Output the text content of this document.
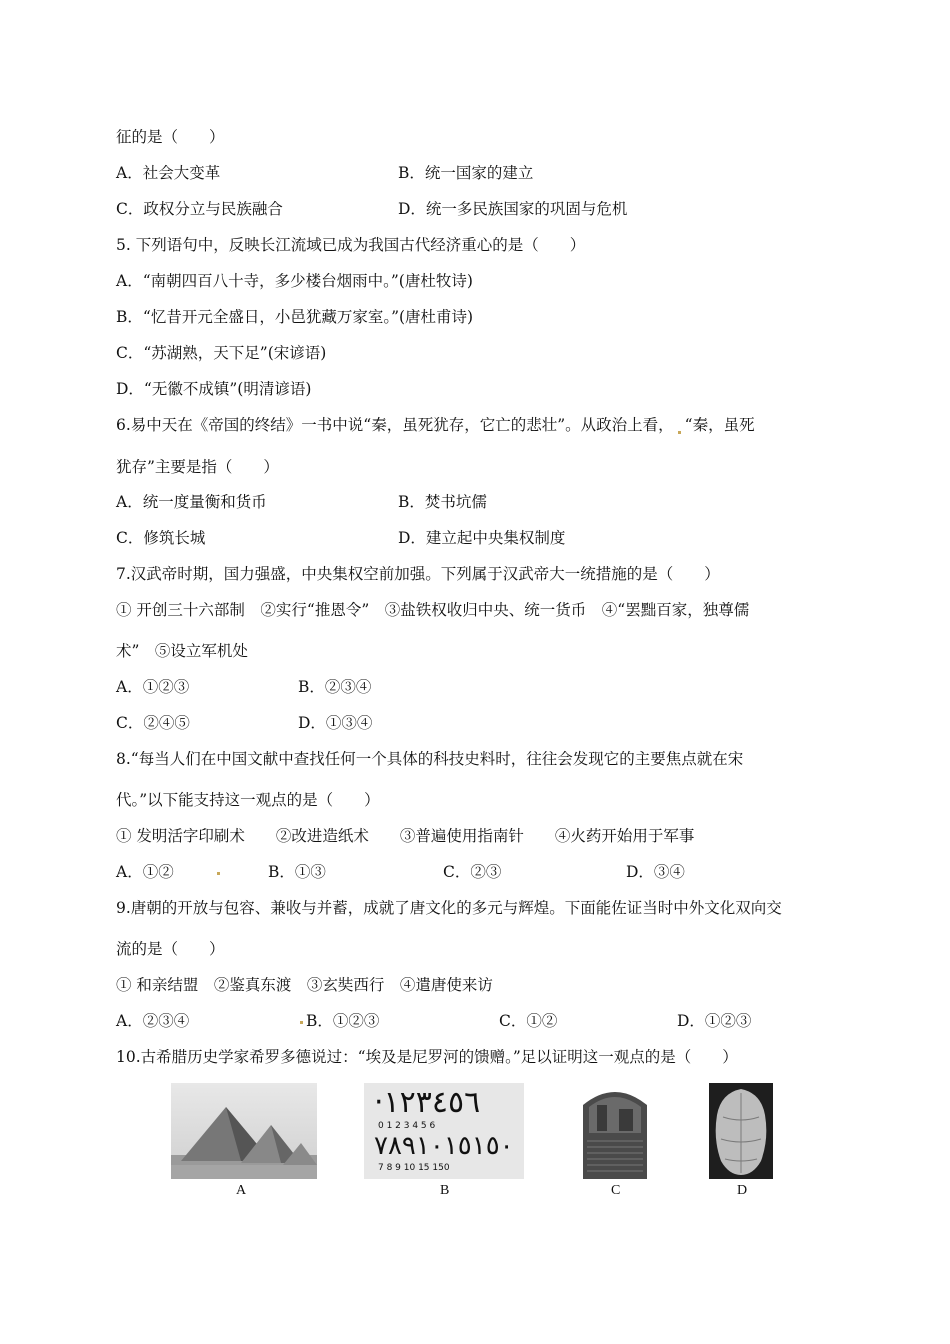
征的是（　　）
A．社会大变革	B．统一国家的建立
C．政权分立与民族融合	D．统一多民族国家的巩固与危机
5. 下列语句中，反映长江流域已成为我国古代经济重心的是（　　）
A．“南朝四百八十寺，多少楼台烟雨中。”(唐杜牧诗)
B．“忆昔开元全盛日，小邑犹藏万家室。”(唐杜甫诗)
C．“苏湖熟，天下足”(宋谚语)
D．“无徽不成镇”(明清谚语)
6.易中天在《帝国的终结》一书中说“秦，虽死犹存，它亡的悲壮”。从政治上看， “秦，虽死
犹存”主要是指（　　）
A．统一度量衡和货币	B．焚书坑儒
C．修筑长城	D．建立起中央集权制度
7.汉武帝时期，国力强盛，中央集权空前加强。下列属于汉武帝大一统措施的是（　　）
① 开创三十六部制　②实行“推恩令”　③盐铁权收归中央、统一货币　④“罢黜百家，独尊儒
术”　⑤设立军机处
A．①②③	B．②③④
C．②④⑤	D．①③④
8.“每当人们在中国文献中查找任何一个具体的科技史料时，往往会发现它的主要焦点就在宋
代。”以下能支持这一观点的是（　　）
① 发明活字印刷术　　②改进造纸术　　③普遍使用指南针　　④火药开始用于军事
A．①②	B．①③	C．②③	D．③④
9.唐朝的开放与包容、兼收与并蓄，成就了唐文化的多元与辉煌。下面能佐证当时中外文化双向交
流的是（　　）
① 和亲结盟　②鉴真东渡　③玄奘西行　④遣唐使来访
A．②③④	B．①②③	C．①②	D．①②③
10.古希腊历史学家希罗多德说过：“埃及是尼罗河的馈赠。”足以证明这一观点的是（　　）
·١٢٣٤٥٦
0 1 2 3 4 5 6
٧٨٩١٠١٥١٥٠
7 8 9 10 15 150
A	B	C	D
